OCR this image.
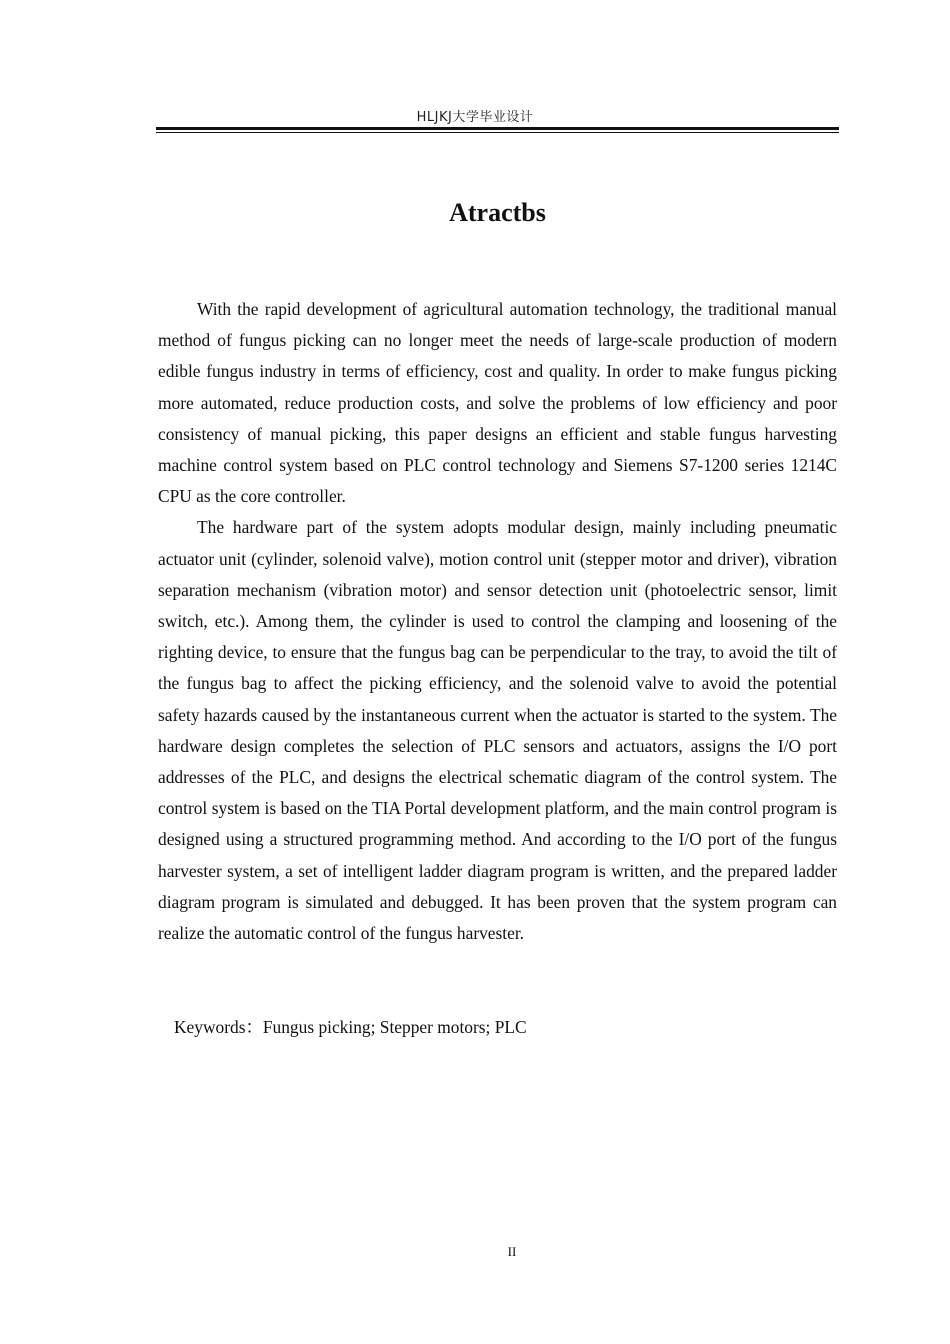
HLJKJ大学毕业设计
Atractbs

With the rapid development of agricultural automation technology, the traditional manual method of fungus picking can no longer meet the needs of large-scale production of modern edible fungus industry in terms of efficiency, cost and quality. In order to make fungus picking more automated, reduce production costs, and solve the problems of low efficiency and poor consistency of manual picking, this paper designs an efficient and stable fungus harvesting machine control system based on PLC control technology and Siemens S7-1200 series 1214C CPU as the core controller.

The hardware part of the system adopts modular design, mainly including pneumatic actuator unit (cylinder, solenoid valve), motion control unit (stepper motor and driver), vibration separation mechanism (vibration motor) and sensor detection unit (photoelectric sensor, limit switch, etc.). Among them, the cylinder is used to control the clamping and loosening of the righting device, to ensure that the fungus bag can be perpendicular to the tray, to avoid the tilt of the fungus bag to affect the picking efficiency, and the solenoid valve to avoid the potential safety hazards caused by the instantaneous current when the actuator is started to the system. The hardware design completes the selection of PLC sensors and actuators, assigns the I/O port addresses of the PLC, and designs the electrical schematic diagram of the control system. The control system is based on the TIA Portal development platform, and the main control program is designed using a structured programming method. And according to the I/O port of the fungus harvester system, a set of intelligent ladder diagram program is written, and the prepared ladder diagram program is simulated and debugged. It has been proven that the system program can realize the automatic control of the fungus harvester.

Keywords：Fungus picking; Stepper motors; PLC
II
